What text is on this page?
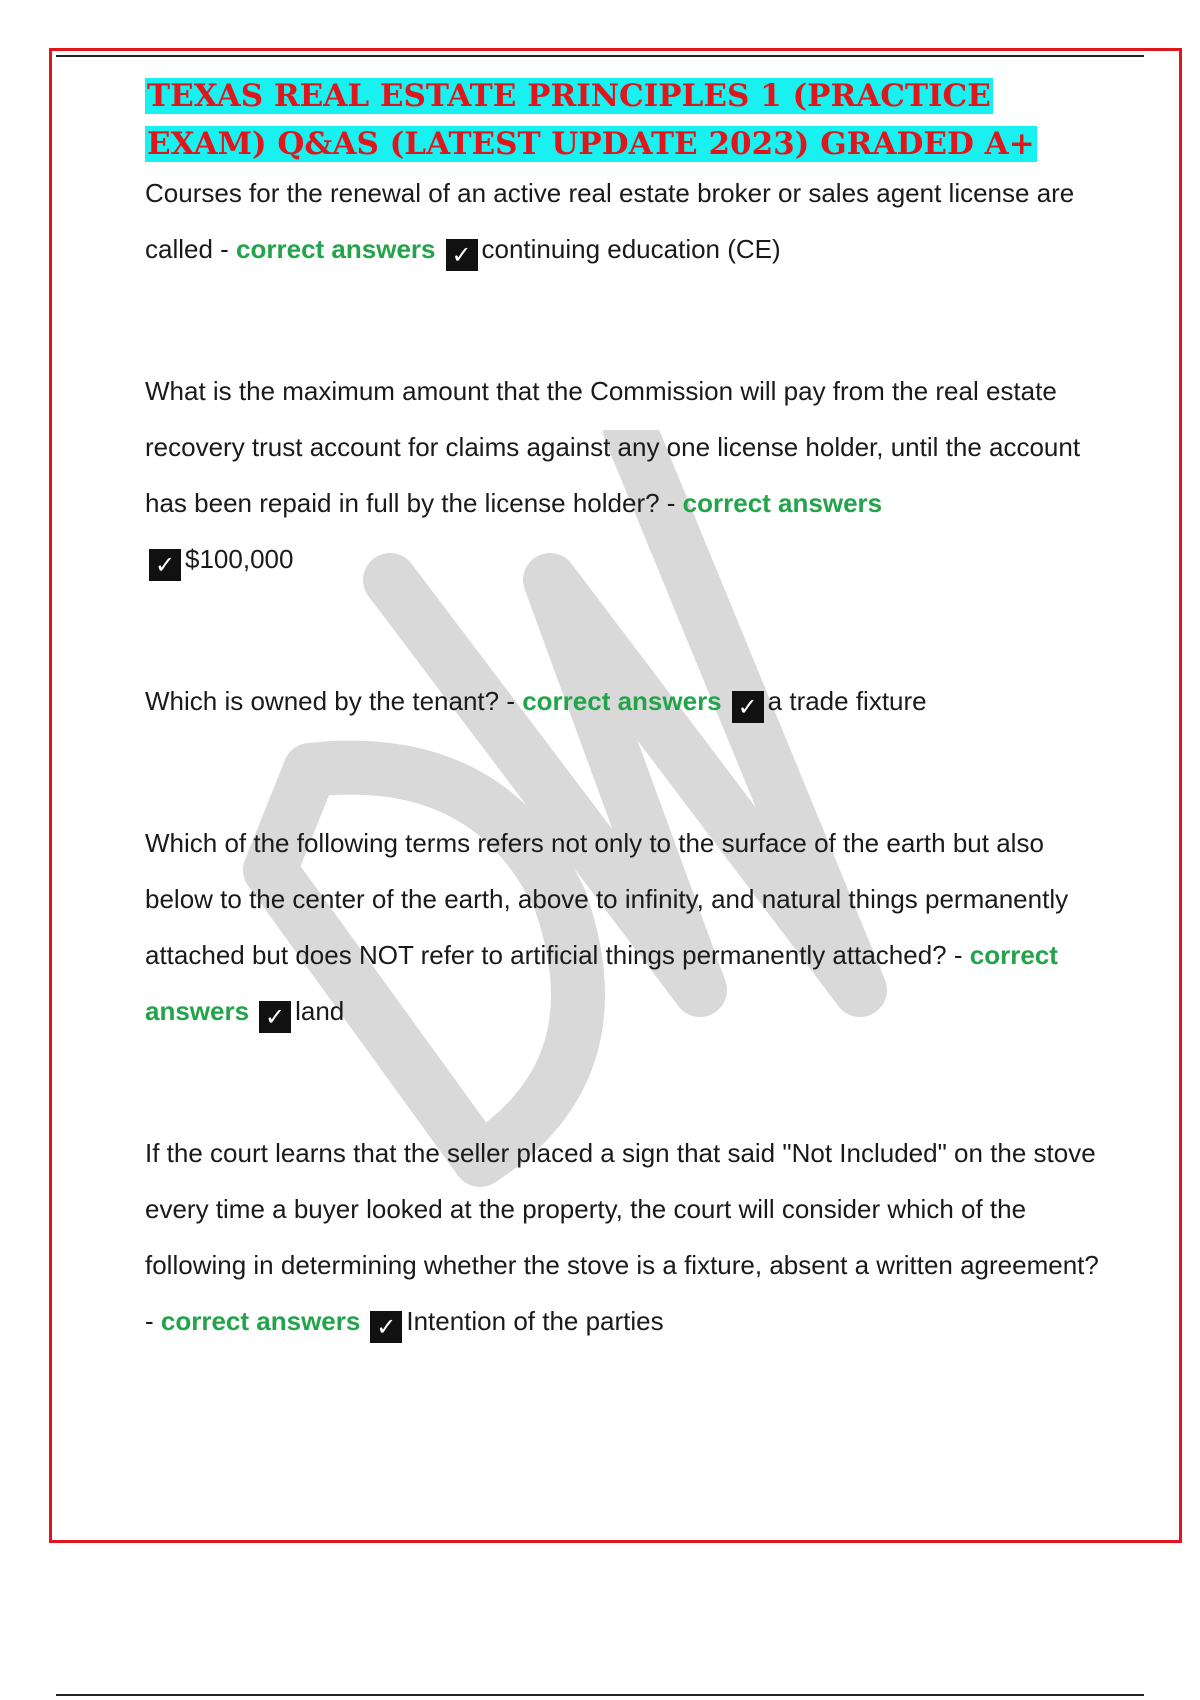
TEXAS REAL ESTATE PRINCIPLES 1 (PRACTICE EXAM) Q&AS (LATEST UPDATE 2023) GRADED A+

Courses for the renewal of an active real estate broker or sales agent license are called - correct answers ✓ continuing education (CE)

What is the maximum amount that the Commission will pay from the real estate recovery trust account for claims against any one license holder, until the account has been repaid in full by the license holder? - correct answers
✓ $100,000

Which is owned by the tenant? - correct answers ✓ a trade fixture

Which of the following terms refers not only to the surface of the earth but also below to the center of the earth, above to infinity, and natural things permanently attached but does NOT refer to artificial things permanently attached? - correct answers ✓ land

If the court learns that the seller placed a sign that said "Not Included" on the stove every time a buyer looked at the property, the court will consider which of the following in determining whether the stove is a fixture, absent a written agreement? - correct answers ✓ Intention of the parties
